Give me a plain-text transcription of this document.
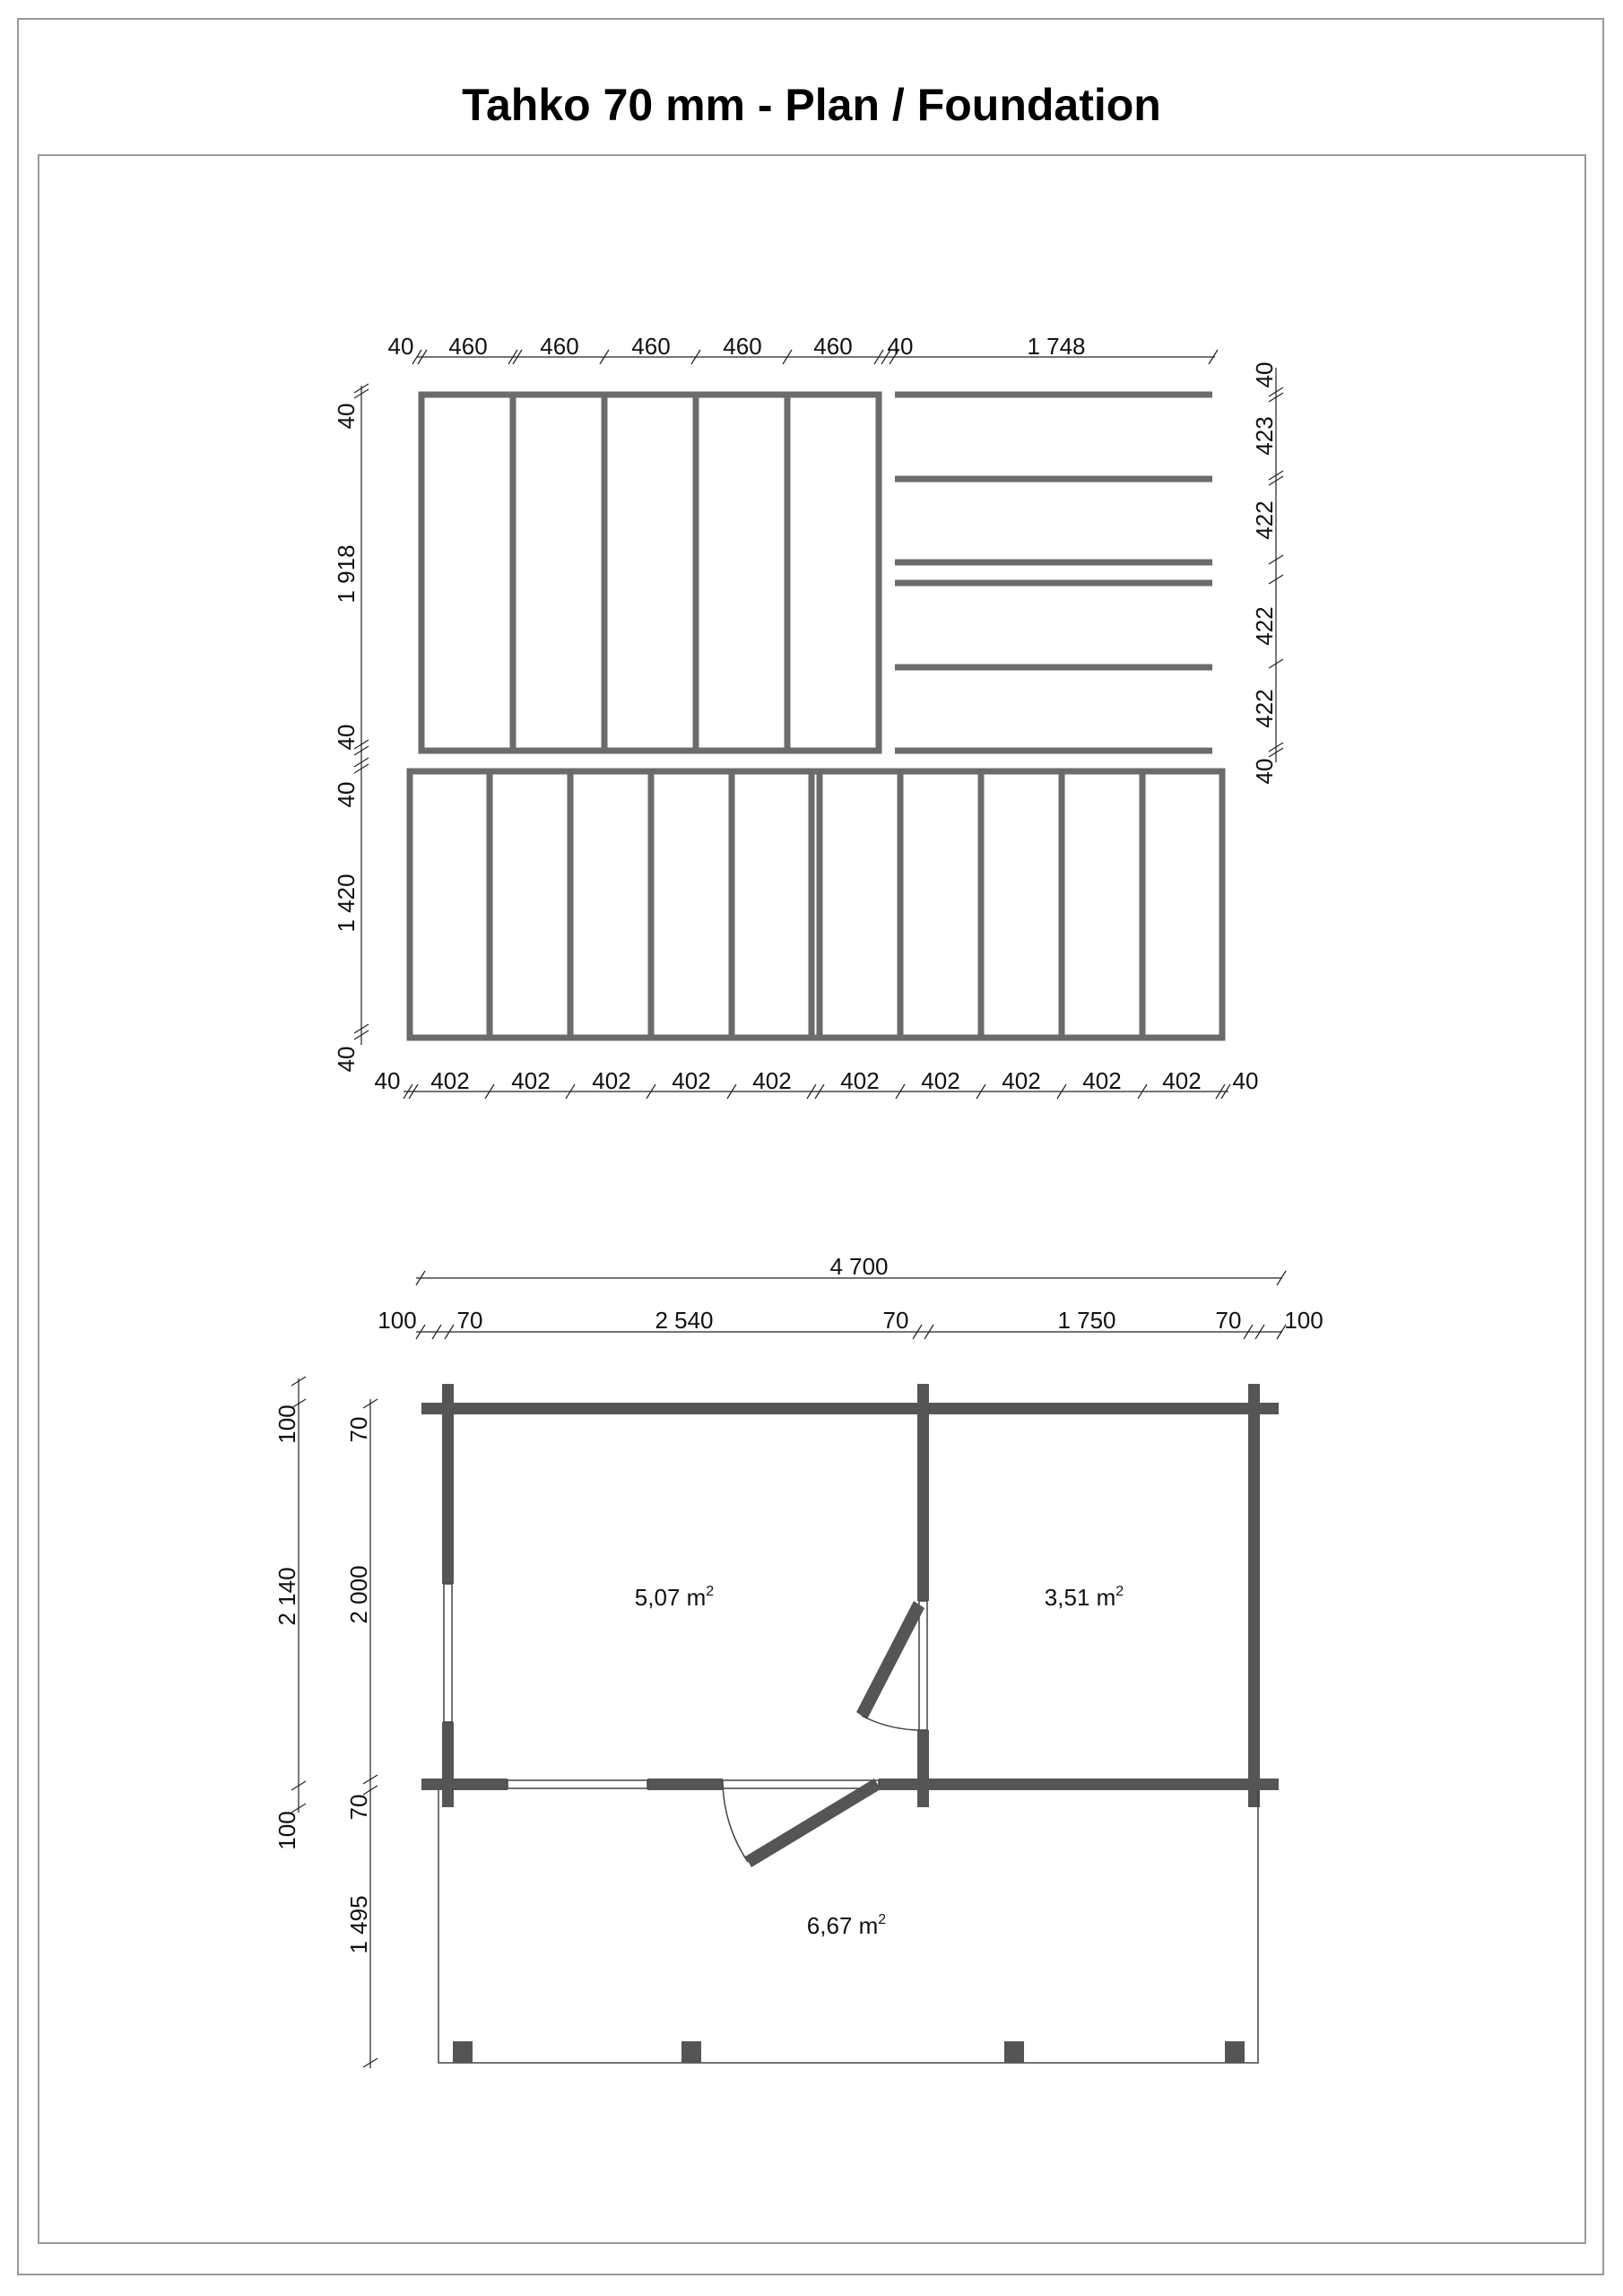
Tahko 70 mm - Plan / Foundation
40 460 460 460 460 460 40	1 748
40
1 918
40
40
1 420
40
40
423
422
422
422
40
40 402 402 402 402 402 402 402 402 402 402 40
5,07 $m^2$	3,51 $m^2$
6,67 $m^2$
4 700
100 70	2 540	70	1 750	70 100
100
2 140
100
70
2 000
70
1 495
